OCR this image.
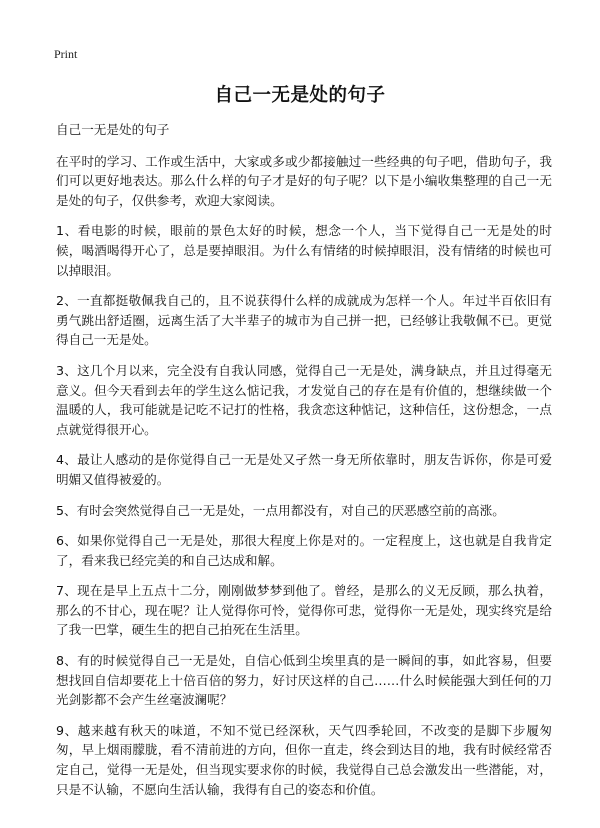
Print
自己一无是处的句子

自己一无是处的句子

在平时的学习、工作或生活中，大家或多或少都接触过一些经典的句子吧，借助句子，我们可以更好地表达。那么什么样的句子才是好的句子呢？以下是小编收集整理的自己一无是处的句子，仅供参考，欢迎大家阅读。

1、看电影的时候，眼前的景色太好的时候，想念一个人，当下觉得自己一无是处的时候，喝酒喝得开心了，总是要掉眼泪。为什么有情绪的时候掉眼泪，没有情绪的时候也可以掉眼泪。

2、一直都挺敬佩我自己的，且不说获得什么样的成就成为怎样一个人。年过半百依旧有勇气跳出舒适圈，远离生活了大半辈子的城市为自己拼一把，已经够让我敬佩不已。更觉得自己一无是处。

3、这几个月以来，完全没有自我认同感，觉得自己一无是处，满身缺点，并且过得毫无意义。但今天看到去年的学生这么惦记我，才发觉自己的存在是有价值的，想继续做一个温暖的人，我可能就是记吃不记打的性格，我贪恋这种惦记，这种信任，这份想念，一点点就觉得很开心。

4、最让人感动的是你觉得自己一无是处又孑然一身无所依靠时，朋友告诉你，你是可爱明媚又值得被爱的。

5、有时会突然觉得自己一无是处，一点用都没有，对自己的厌恶感空前的高涨。

6、如果你觉得自己一无是处，那很大程度上你是对的。一定程度上，这也就是自我肯定了，看来我已经完美的和自己达成和解。

7、现在是早上五点十二分，刚刚做梦梦到他了。曾经，是那么的义无反顾，那么执着，那么的不甘心，现在呢？让人觉得你可怜，觉得你可悲，觉得你一无是处，现实终究是给了我一巴掌，硬生生的把自己拍死在生活里。

8、有的时候觉得自己一无是处，自信心低到尘埃里真的是一瞬间的事，如此容易，但要想找回自信却要花上十倍百倍的努力，好讨厌这样的自己……什么时候能强大到任何的刀光剑影都不会产生丝毫波澜呢？

9、越来越有秋天的味道，不知不觉已经深秋，天气四季轮回，不改变的是脚下步履匆匆，早上烟雨朦胧，看不清前进的方向，但你一直走，终会到达目的地，我有时候经常否定自己，觉得一无是处，但当现实要求你的时候，我觉得自己总会激发出一些潜能，对，只是不认输，不愿向生活认输，我得有自己的姿态和价值。
